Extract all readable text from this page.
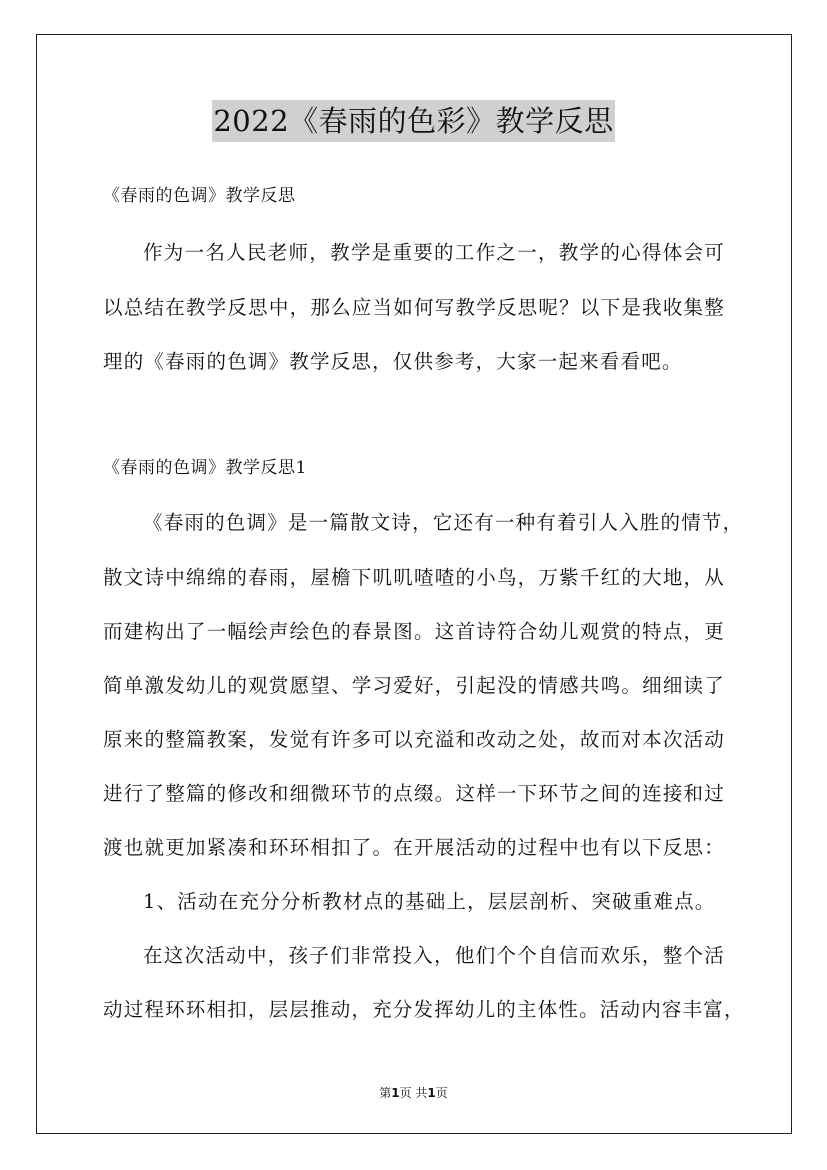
2022《春雨的色彩》教学反思
《春雨的色调》教学反思
作为一名人民老师，教学是重要的工作之一，教学的心得体会可
以总结在教学反思中，那么应当如何写教学反思呢？以下是我收集整
理的《春雨的色调》教学反思，仅供参考，大家一起来看看吧。
《春雨的色调》教学反思1
《春雨的色调》是一篇散文诗，它还有一种有着引人入胜的情节，
散文诗中绵绵的春雨，屋檐下叽叽喳喳的小鸟，万紫千红的大地，从
而建构出了一幅绘声绘色的春景图。这首诗符合幼儿观赏的特点，更
简单激发幼儿的观赏愿望、学习爱好，引起没的情感共鸣。细细读了
原来的整篇教案，发觉有许多可以充溢和改动之处，故而对本次活动
进行了整篇的修改和细微环节的点缀。这样一下环节之间的连接和过
渡也就更加紧凑和环环相扣了。在开展活动的过程中也有以下反思：
1、活动在充分分析教材点的基础上，层层剖析、突破重难点。
在这次活动中，孩子们非常投入，他们个个自信而欢乐，整个活
动过程环环相扣，层层推动，充分发挥幼儿的主体性。活动内容丰富，
第1页 共1页
